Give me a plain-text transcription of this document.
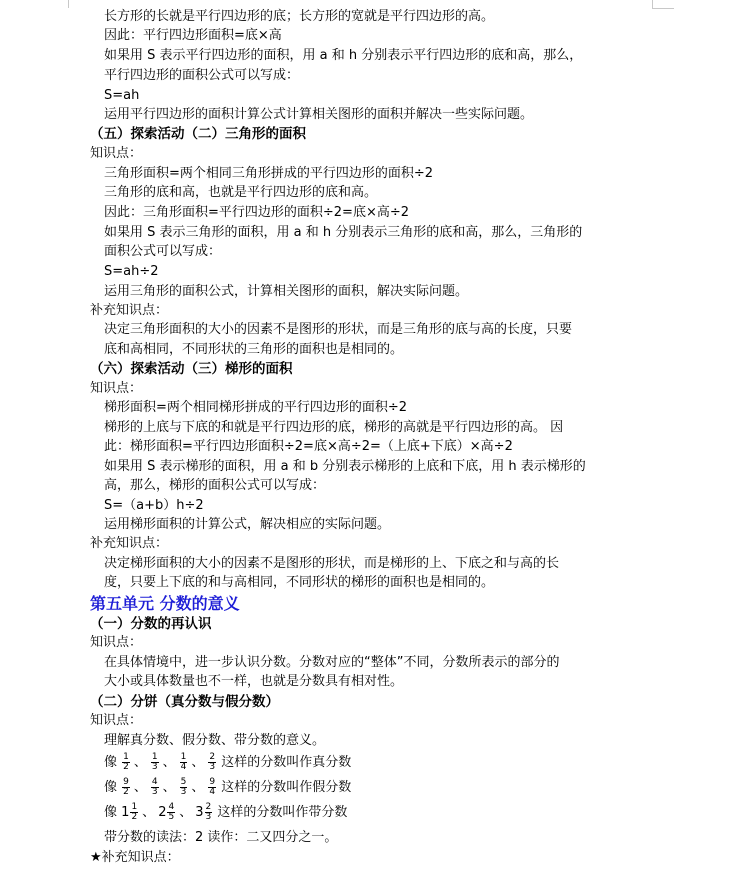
长方形的长就是平行四边形的底；长方形的宽就是平行四边形的高。
因此：平行四边形面积=底×高
如果用 S 表示平行四边形的面积，用 a 和 h 分别表示平行四边形的底和高，那么，
平行四边形的面积公式可以写成：
S=ah
运用平行四边形的面积计算公式计算相关图形的面积并解决一些实际问题。
（五）探索活动（二）三角形的面积
知识点：
三角形面积=两个相同三角形拼成的平行四边形的面积÷2
三角形的底和高，也就是平行四边形的底和高。
因此：三角形面积=平行四边形的面积÷2=底×高÷2
如果用 S 表示三角形的面积，用 a 和 h 分别表示三角形的底和高，那么，三角形的
面积公式可以写成：
S=ah÷2
运用三角形的面积公式，计算相关图形的面积，解决实际问题。
补充知识点：
决定三角形面积的大小的因素不是图形的形状，而是三角形的底与高的长度，只要
底和高相同，不同形状的三角形的面积也是相同的。
（六）探索活动（三）梯形的面积
知识点：
梯形面积=两个相同梯形拼成的平行四边形的面积÷2
梯形的上底与下底的和就是平行四边形的底，梯形的高就是平行四边形的高。 因
此：梯形面积=平行四边形面积÷2=底×高÷2=（上底+下底）×高÷2
如果用 S 表示梯形的面积，用 a 和 b 分别表示梯形的上底和下底，用 h 表示梯形的
高，那么，梯形的面积公式可以写成：
S=（a+b）h÷2
运用梯形面积的计算公式，解决相应的实际问题。
补充知识点：
决定梯形面积的大小的因素不是图形的形状，而是梯形的上、下底之和与高的长
度，只要上下底的和与高相同，不同形状的梯形的面积也是相同的。
第五单元 分数的意义
（一）分数的再认识
知识点：
在具体情境中，进一步认识分数。分数对应的“整体”不同，分数所表示的部分的
大小或具体数量也不一样，也就是分数具有相对性。
（二）分饼（真分数与假分数）
知识点：
理解真分数、假分数、带分数的意义。
像 $\frac{1}{2}$ 、 $\frac{1}{3}$ 、 $\frac{1}{4}$ 、 $\frac{2}{3}$ 这样的分数叫作真分数
像 $\frac{9}{2}$ 、 $\frac{4}{3}$ 、 $\frac{5}{3}$ 、 $\frac{9}{4}$ 这样的分数叫作假分数
像 $1 \frac{1}{2}$ 、 $2 \frac{4}{5}$ 、 $3 \frac{2}{3}$ 这样的分数叫作带分数
带分数的读法：2 读作：二又四分之一。
★补充知识点：
